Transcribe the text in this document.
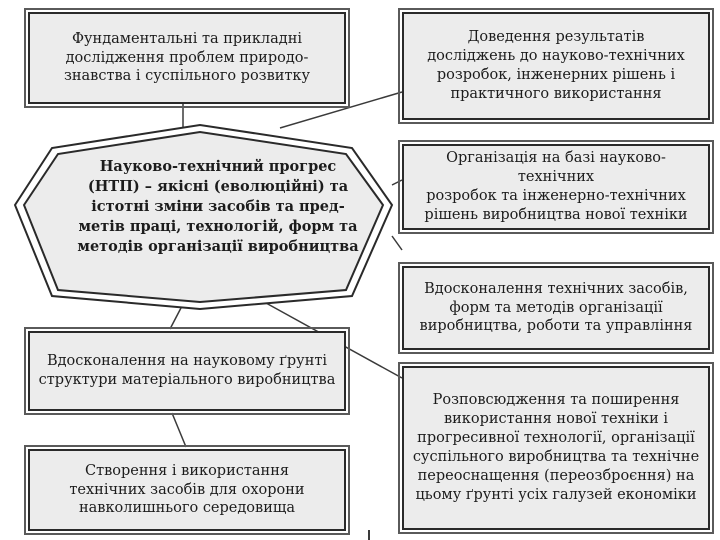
Науково-технічний прогрес
(НТП) – якісні (еволюційні) та
істотні зміни засобів та пред-
метів праці, технологій, форм та
методів організації виробництва
Фундаментальні та прикладні
дослідження проблем природо-
знавства і суспільного розвитку
Вдосконалення на науковому ґрунті
структури матеріального виробництва
Створення і використання
технічних засобів для охорони
навколишнього середовища
Доведення результатів
досліджень до науково-технічних
розробок, інженерних рішень і
практичного використання
Організація на базі науково-технічних
розробок та інженерно-технічних
рішень виробництва нової техніки
Вдосконалення технічних засобів,
форм та методів організації
виробництва, роботи та управління
Розповсюдження та поширення
використання нової техніки і
прогресивної технології, організації
суспільного виробництва та технічне
переоснащення (переозброєння) на
цьому ґрунті усіх галузей економіки
